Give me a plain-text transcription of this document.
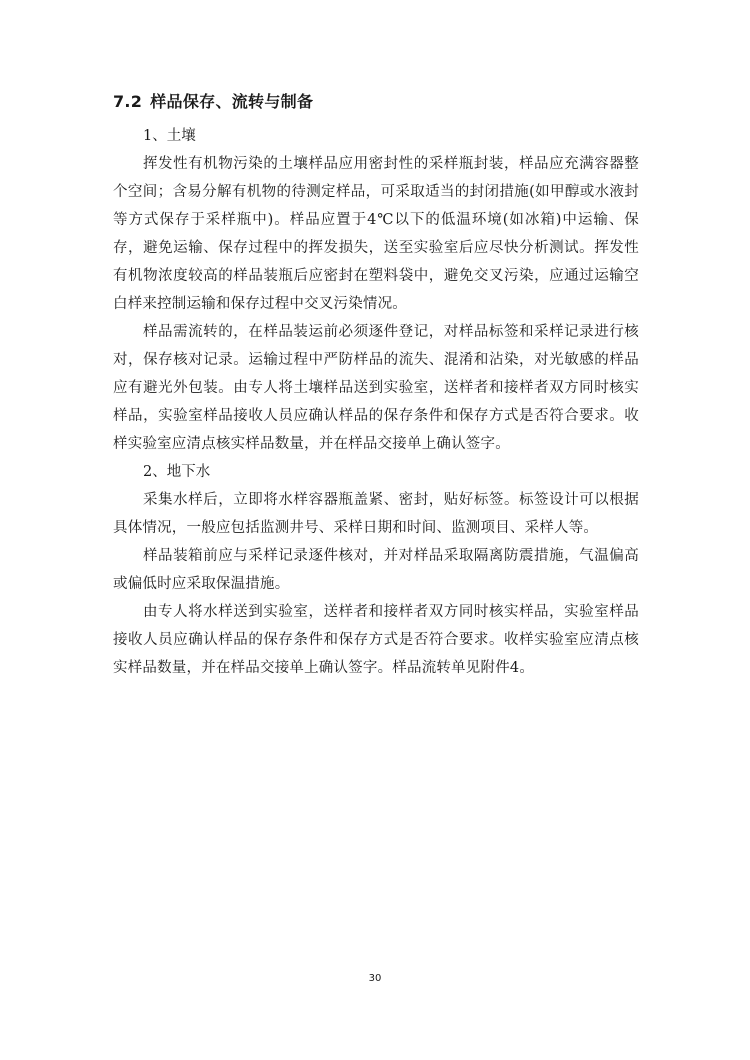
7.2 样品保存、流转与制备

1、土壤

挥发性有机物污染的土壤样品应用密封性的采样瓶封装，样品应充满容器整个空间；含易分解有机物的待测定样品，可采取适当的封闭措施(如甲醇或水液封等方式保存于采样瓶中)。样品应置于4℃以下的低温环境(如冰箱)中运输、保存，避免运输、保存过程中的挥发损失，送至实验室后应尽快分析测试。挥发性有机物浓度较高的样品装瓶后应密封在塑料袋中，避免交叉污染，应通过运输空白样来控制运输和保存过程中交叉污染情况。

样品需流转的，在样品装运前必须逐件登记，对样品标签和采样记录进行核对，保存核对记录。运输过程中严防样品的流失、混淆和沾染，对光敏感的样品应有避光外包装。由专人将土壤样品送到实验室，送样者和接样者双方同时核实样品，实验室样品接收人员应确认样品的保存条件和保存方式是否符合要求。收样实验室应清点核实样品数量，并在样品交接单上确认签字。

2、地下水

采集水样后，立即将水样容器瓶盖紧、密封，贴好标签。标签设计可以根据具体情况，一般应包括监测井号、采样日期和时间、监测项目、采样人等。

样品装箱前应与采样记录逐件核对，并对样品采取隔离防震措施，气温偏高或偏低时应采取保温措施。

由专人将水样送到实验室，送样者和接样者双方同时核实样品，实验室样品接收人员应确认样品的保存条件和保存方式是否符合要求。收样实验室应清点核实样品数量，并在样品交接单上确认签字。样品流转单见附件4。

30
